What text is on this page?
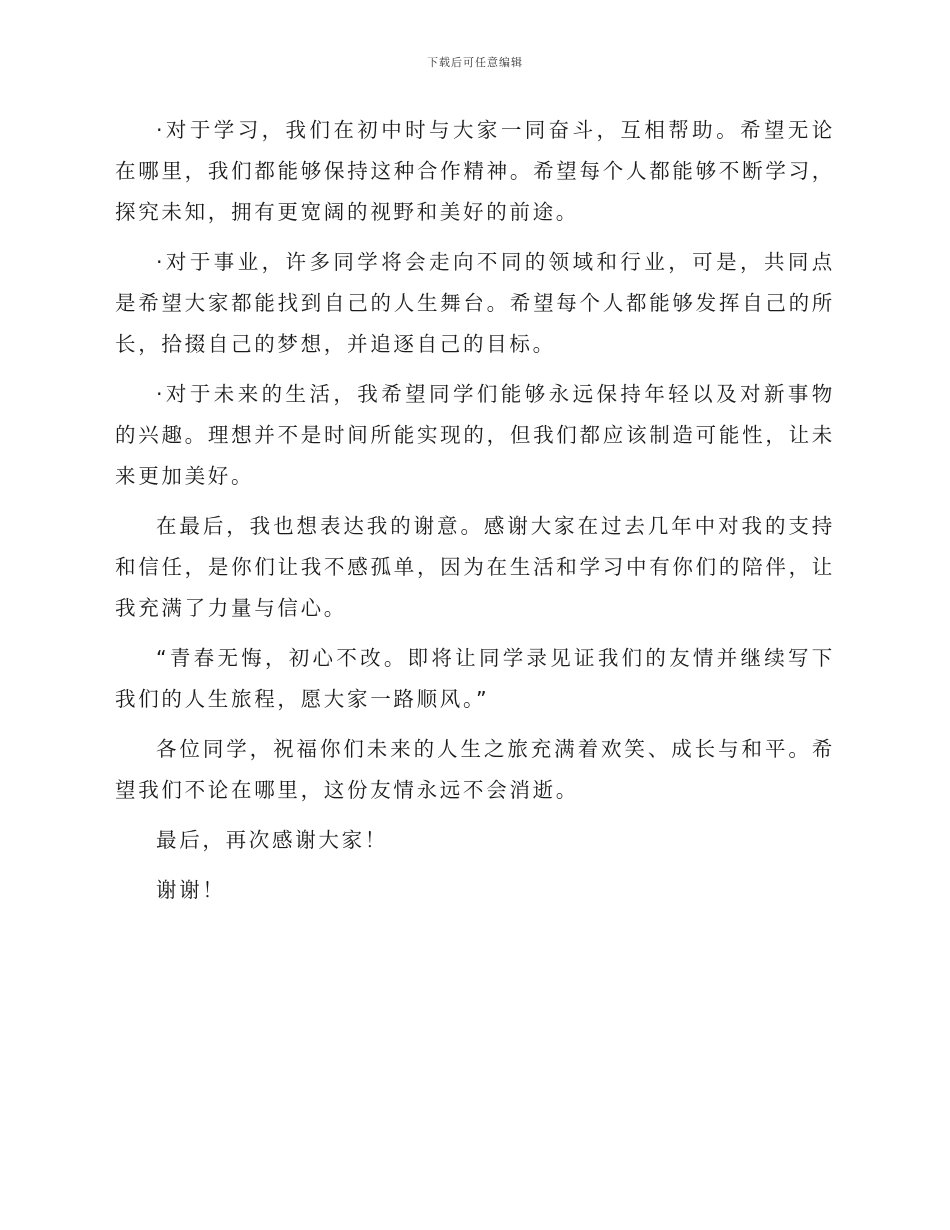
下载后可任意编辑

·对于学习，我们在初中时与大家一同奋斗，互相帮助。希望无论在哪里，我们都能够保持这种合作精神。希望每个人都能够不断学习，探究未知，拥有更宽阔的视野和美好的前途。

·对于事业，许多同学将会走向不同的领域和行业，可是，共同点是希望大家都能找到自己的人生舞台。希望每个人都能够发挥自己的所长，拾掇自己的梦想，并追逐自己的目标。

·对于未来的生活，我希望同学们能够永远保持年轻以及对新事物的兴趣。理想并不是时间所能实现的，但我们都应该制造可能性，让未来更加美好。

在最后，我也想表达我的谢意。感谢大家在过去几年中对我的支持和信任，是你们让我不感孤单，因为在生活和学习中有你们的陪伴，让我充满了力量与信心。

“青春无悔，初心不改。即将让同学录见证我们的友情并继续写下我们的人生旅程，愿大家一路顺风。”

各位同学，祝福你们未来的人生之旅充满着欢笑、成长与和平。希望我们不论在哪里，这份友情永远不会消逝。

最后，再次感谢大家！

谢谢！
